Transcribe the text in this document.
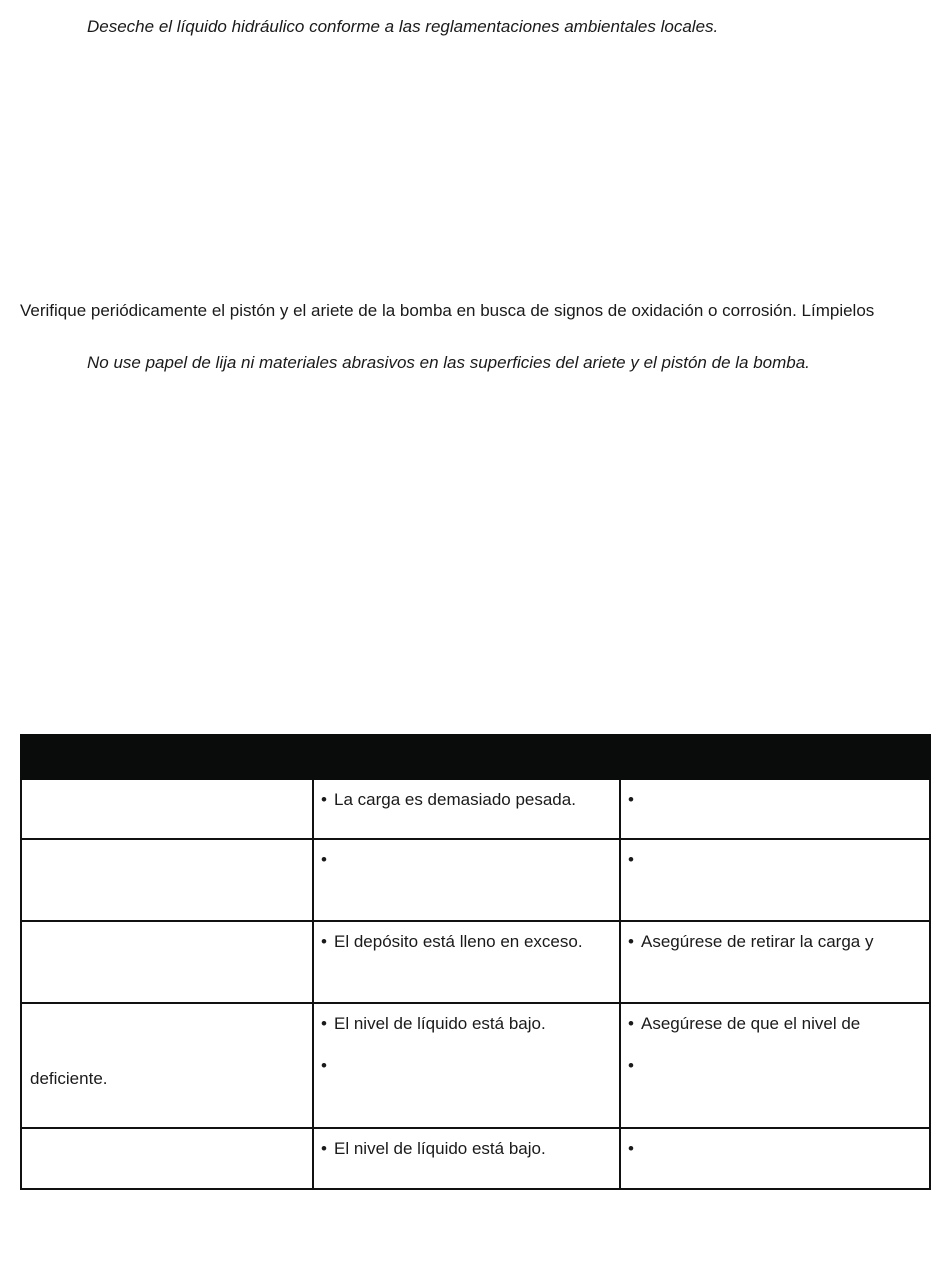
Deseche el líquido hidráulico conforme a las reglamentaciones ambientales locales.
Verifique periódicamente el pistón y el ariete de la bomba en busca de signos de oxidación o corrosión. Límpielos
No use papel de lija ni materiales abrasivos en las superficies del ariete y el pistón de la bomba.

	• La carga es demasiado pesada.

	• El depósito está lleno en exceso.	• Asegúrese de retirar la carga y

deficiente.	• El nivel de líquido está bajo.	• Asegúrese de que el nivel de

	• El nivel de líquido está bajo.
